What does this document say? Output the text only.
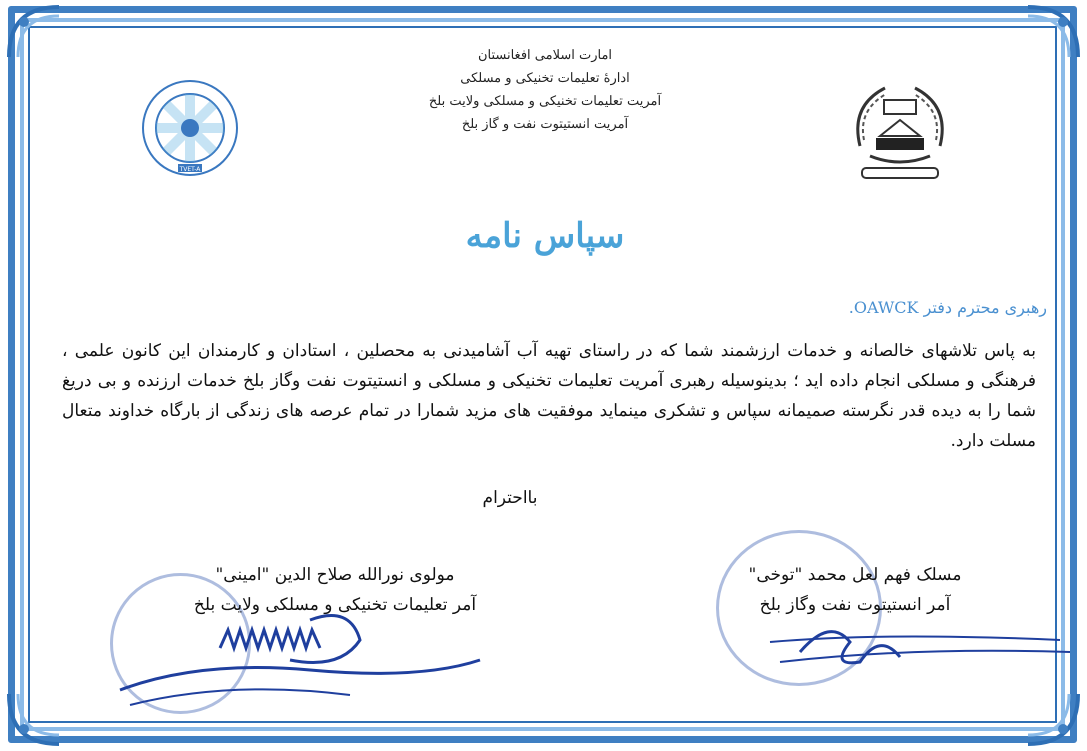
TVET-A
امارت اسلامی افغانستان
ادارهٔ تعلیمات تخنیکی و مسلکی
آمریت تعلیمات تخنیکی و مسلکی ولایت بلخ
آمریت انستیتوت نفت و گاز بلخ
سپاس نامه
رهبری محترم دفتر OAWCK.

به پاس تلاشهای خالصانه و خدمات ارزشمند شما که در راستای تهیه آب آشامیدنی به محصلین ، استادان و کارمندان این کانون علمی ، فرهنگی و مسلکی انجام داده اید ؛ بدینوسیله رهبری آمریت تعلیمات تخنیکی و مسلکی و انستیتوت نفت وگاز بلخ خدمات ارزنده و بی دریغ شما را به دیده قدر نگرسته صمیمانه سپاس و تشکری مینماید موفقیت های مزید شمارا در تمام عرصه های زندگی از بارگاه خداوند متعال مسلت دارد.

بااحترام
مولوی نورالله صلاح الدین "امینی"
آمر تعلیمات تخنیکی و مسلکی ولایت بلخ
مسلک فهم لعل محمد "توخی"
آمر انستیتوت نفت وگاز بلخ
